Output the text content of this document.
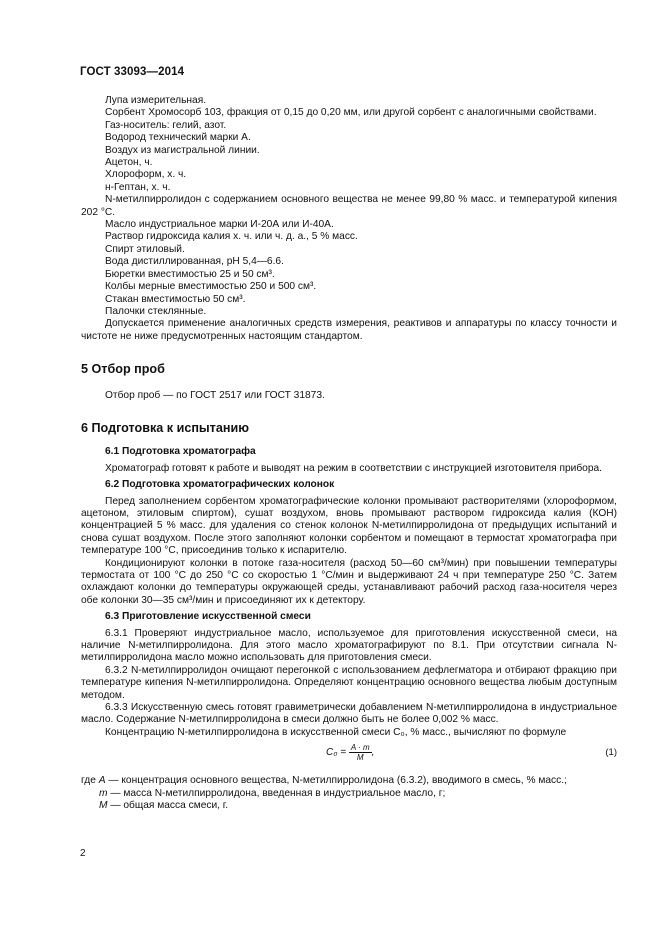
ГОСТ 33093—2014

Лупа измерительная.

Сорбент Хромосорб 103, фракция от 0,15 до 0,20 мм, или другой сорбент с аналогичными свойствами.

Газ-носитель: гелий, азот.

Водород технический марки А.

Воздух из магистральной линии.

Ацетон, ч.

Хлороформ, х. ч.

н-Гептан, х. ч.

N-метилпирролидон с содержанием основного вещества не менее 99,80 % масс. и температурой кипения 202 °С.

Масло индустриальное марки И-20А или И-40А.

Раствор гидроксида калия х. ч. или ч. д. а., 5 % масс.

Спирт этиловый.

Вода дистиллированная, рН 5,4—6.6.

Бюретки вместимостью 25 и 50 см³.

Колбы мерные вместимостью 250 и 500 см³.

Стакан вместимостью 50 см³.

Палочки стеклянные.

Допускается применение аналогичных средств измерения, реактивов и аппаратуры по классу точности и чистоте не ниже предусмотренных настоящим стандартом.

5 Отбор проб

Отбор проб — по ГОСТ 2517 или ГОСТ 31873.

6 Подготовка к испытанию

6.1 Подготовка хроматографа

Хроматограф готовят к работе и выводят на режим в соответствии с инструкцией изготовителя прибора.

6.2 Подготовка хроматографических колонок

Перед заполнением сорбентом хроматографические колонки промывают растворителями (хлороформом, ацетоном, этиловым спиртом), сушат воздухом, вновь промывают раствором гидроксида калия (КОН) концентрацией 5 % масс. для удаления со стенок колонок N-метилпирролидона от предыдущих испытаний и снова сушат воздухом. После этого заполняют колонки сорбентом и помещают в термостат хроматографа при температуре 100 °С, присоединив только к испарителю.

Кондиционируют колонки в потоке газа-носителя (расход 50—60 см³/мин) при повышении температуры термостата от 100 °С до 250 °С со скоростью 1 °С/мин и выдерживают 24 ч при температуре 250 °С. Затем охлаждают колонки до температуры окружающей среды, устанавливают рабочий расход газа-носителя через обе колонки 30—35 см³/мин и присоединяют их к детектору.

6.3 Приготовление искусственной смеси

6.3.1 Проверяют индустриальное масло, используемое для приготовления искусственной смеси, на наличие N-метилпирролидона. Для этого масло хроматографируют по 8.1. При отсутствии сигнала N-метилпирролидона масло можно использовать для приготовления смеси.

6.3.2 N-метилпирролидон очищают перегонкой с использованием дефлегматора и отбирают фракцию при температуре кипения N-метилпирролидона. Определяют концентрацию основного вещества любым доступным методом.

6.3.3 Искусственную смесь готовят гравиметрически добавлением N-метилпирролидона в индустриальное масло. Содержание N-метилпирролидона в смеси должно быть не более 0,002 % масс.

Концентрацию N-метилпирролидона в искусственной смеси С₀, % масс., вычисляют по формуле

$C_0 = \frac{A \cdot m}{M}$ ,	(1)

где A — концентрация основного вещества, N-метилпирролидона (6.3.2), вводимого в смесь, % масс.;

m — масса N-метилпирролидона, введенная в индустриальное масло, г;

M — общая масса смеси, г.

2
